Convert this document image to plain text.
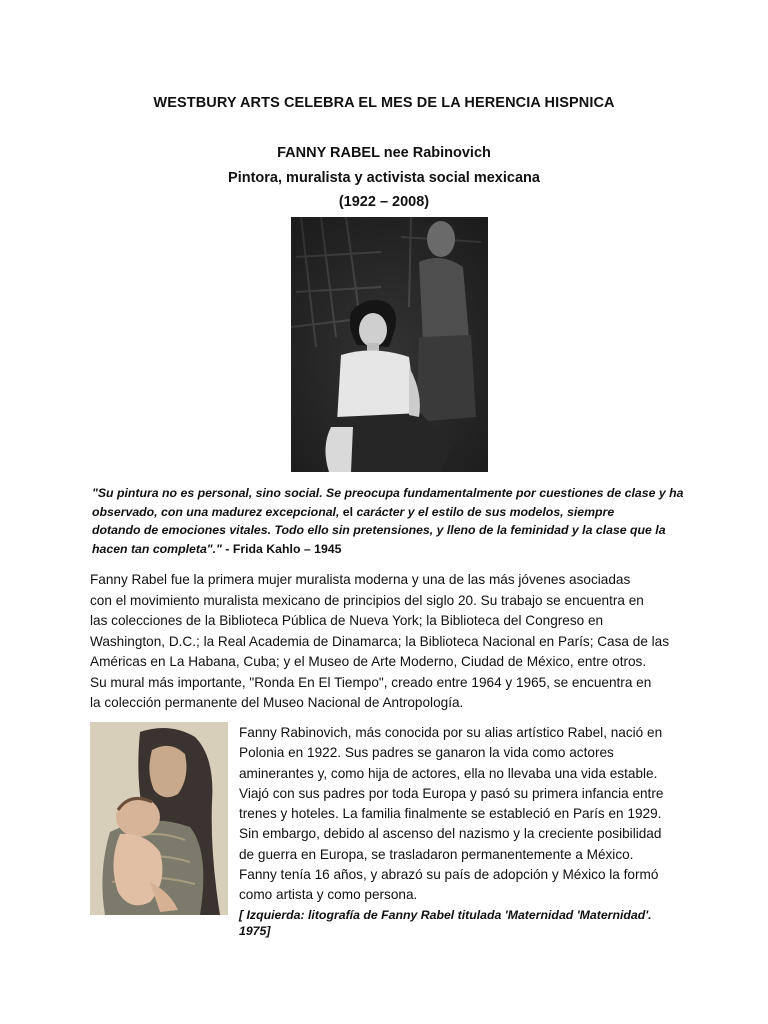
WESTBURY ARTS CELEBRA EL MES DE LA HERENCIA HISPNICA
FANNY RABEL nee Rabinovich
Pintora, muralista y activista social mexicana
(1922 – 2008)
"Su pintura no es personal, sino social. Se preocupa fundamentalmente por cuestiones de clase y ha
observado, con una madurez excepcional, el carácter y el estilo de sus modelos, siempre
dotando de emociones vitales. Todo ello sin pretensiones, y lleno de la feminidad y la clase que la
hacen tan completa"." - Frida Kahlo – 1945
Fanny Rabel fue la primera mujer muralista moderna y una de las más jóvenes asociadas
con el movimiento muralista mexicano de principios del siglo 20. Su trabajo se encuentra en
las colecciones de la Biblioteca Pública de Nueva York; la Biblioteca del Congreso en
Washington, D.C.; la Real Academia de Dinamarca; la Biblioteca Nacional en París; Casa de las
Américas en La Habana, Cuba; y el Museo de Arte Moderno, Ciudad de México, entre otros.
Su mural más importante, "Ronda En El Tiempo", creado entre 1964 y 1965, se encuentra en
la colección permanente del Museo Nacional de Antropología.
Fanny Rabinovich, más conocida por su alias artístico Rabel, nació en
Polonia en 1922. Sus padres se ganaron la vida como actores
aminerantes y, como hija de actores, ella no llevaba una vida estable.
Viajó con sus padres por toda Europa y pasó su primera infancia entre
trenes y hoteles. La familia finalmente se estableció en París en 1929.
Sin embargo, debido al ascenso del nazismo y la creciente posibilidad
de guerra en Europa, se trasladaron permanentemente a México.
Fanny tenía 16 años, y abrazó su país de adopción y México la formó
como artista y como persona.
[ Izquierda: litografía de Fanny Rabel titulada 'Maternidad 'Maternidad'.
1975]
